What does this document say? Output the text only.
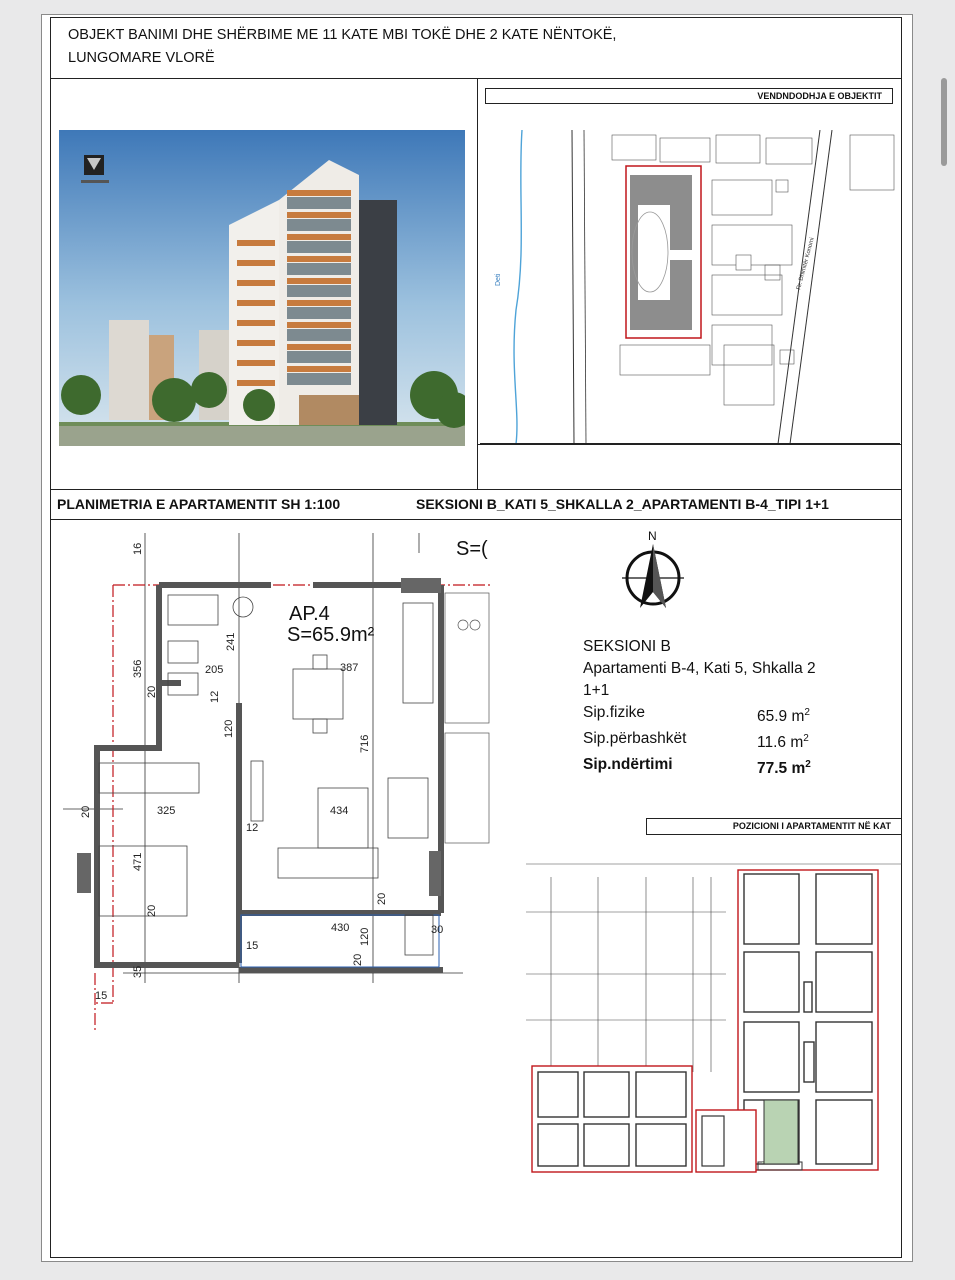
OBJEKT BANIMI DHE SHËRBIME ME 11 KATE MBI TOKË DHE 2 KATE NËNTOKË,
LUNGOMARE VLORË
VENDNDODHJA E OBJEKTIT
Deti	Rr. Dhimitër Konomi
PLANIMETRIA E APARTAMENTIT SH 1:100	SEKSIONI B_KATI 5_SHKALLA 2_APARTAMENTI B-4_TIPI 1+1
AP.4
S=65.9m²
S=(
16
356
241
205
12
387
120
716
325	434
12
471
430 120
20
15
30
20
35
15
20
20
20
N
SEKSIONI B
Apartamenti B-4, Kati 5, Shkalla 2
1+1
Sip.fizike	65.9 $m^2$
Sip.përbashkët	11.6 $m^2$
Sip.ndërtimi	77.5 $m^2$
POZICIONI I APARTAMENTIT NË KAT
